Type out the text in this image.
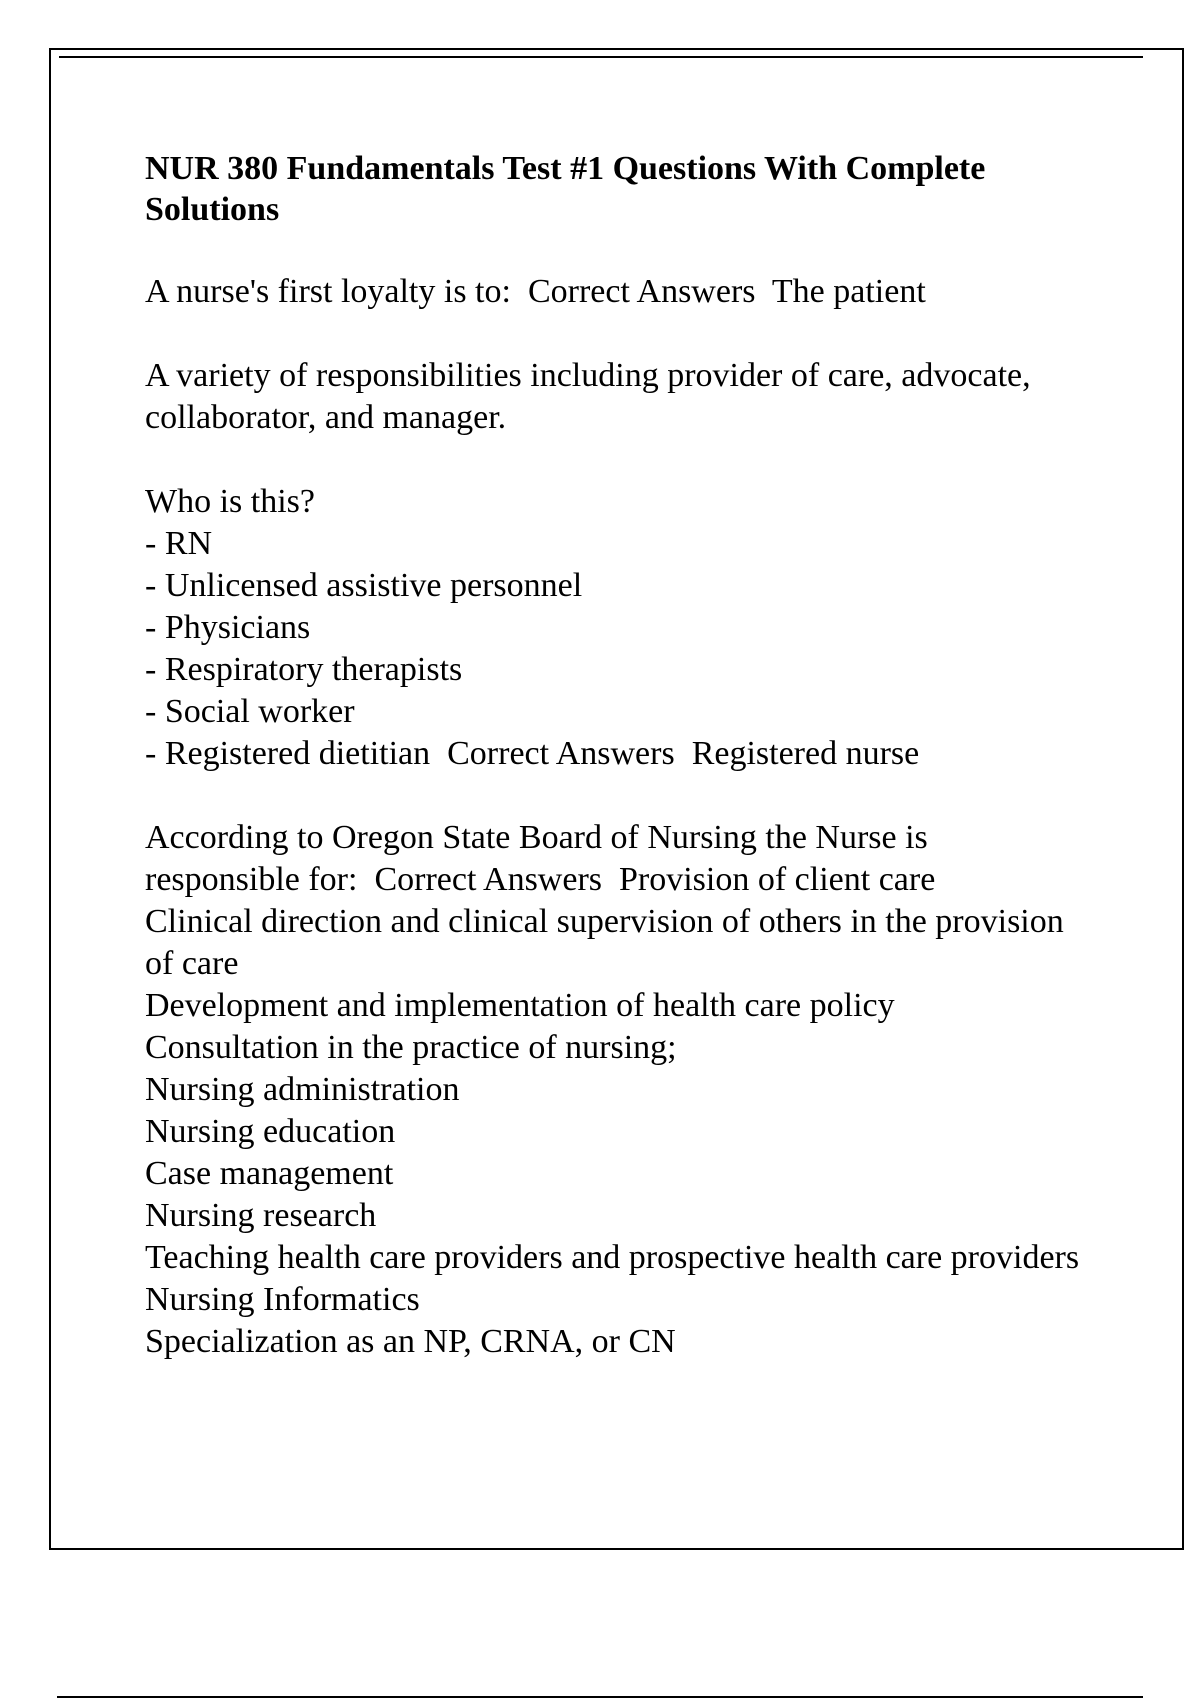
NUR 380 Fundamentals Test #1 Questions With Complete Solutions
A nurse's first loyalty is to:  Correct Answers  The patient
A variety of responsibilities including provider of care, advocate, collaborator, and manager.
Who is this?
- RN
- Unlicensed assistive personnel
- Physicians
- Respiratory therapists
- Social worker
- Registered dietitian  Correct Answers  Registered nurse
According to Oregon State Board of Nursing the Nurse is responsible for:  Correct Answers  Provision of client care
Clinical direction and clinical supervision of others in the provision of care
Development and implementation of health care policy
Consultation in the practice of nursing;
Nursing administration
Nursing education
Case management
Nursing research
Teaching health care providers and prospective health care providers
Nursing Informatics
Specialization as an NP, CRNA, or CN
